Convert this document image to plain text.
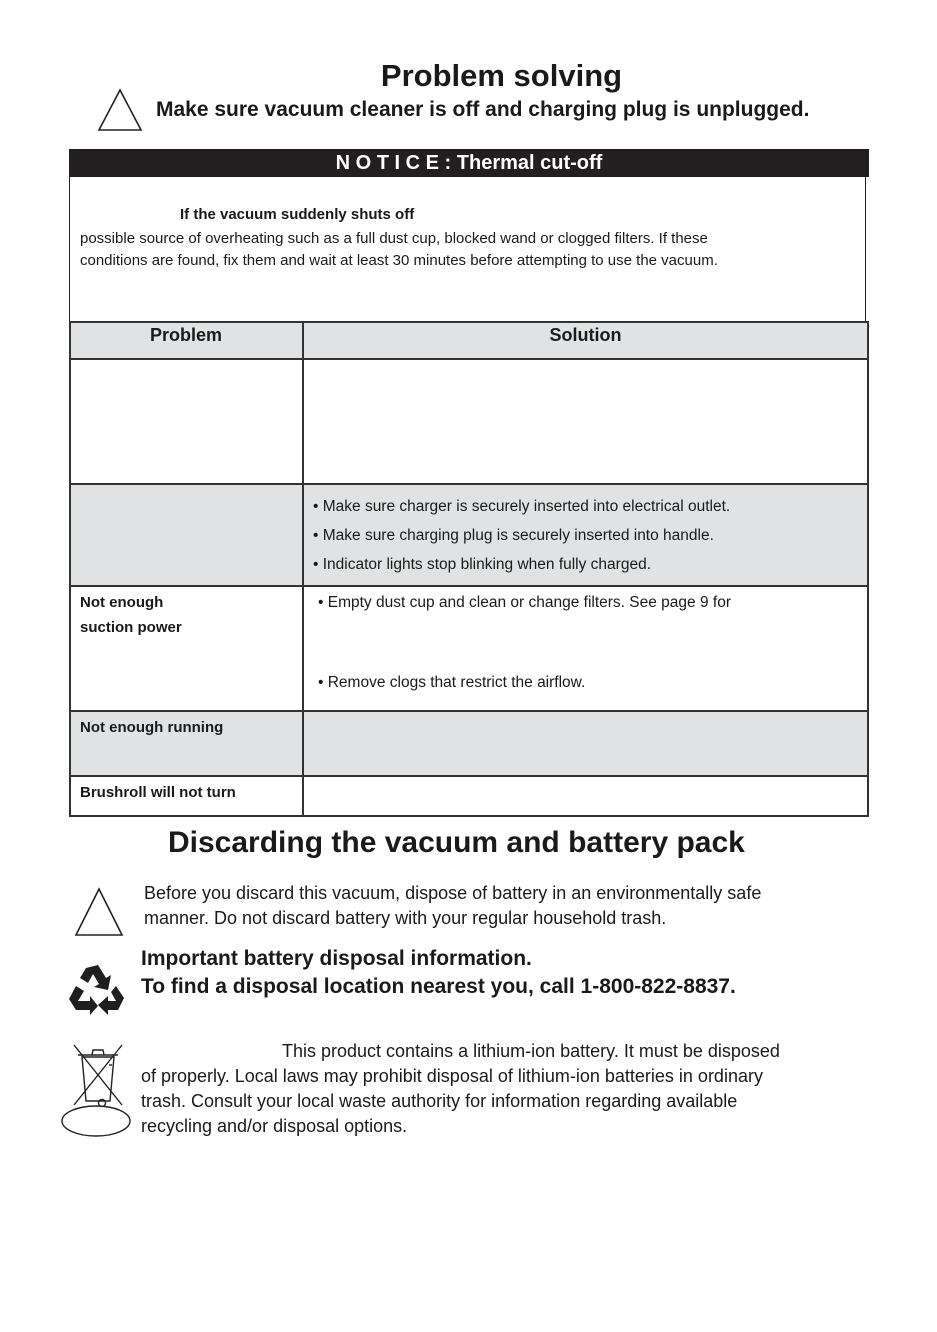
Problem solving
Make sure vacuum cleaner is off and charging plug is unplugged.
N O T I C E : Thermal cut-off
If the vacuum suddenly shuts off
possible source of overheating such as a full dust cup, blocked wand or clogged filters. If these
conditions are found, fix them and wait at least 30 minutes before attempting to use the vacuum.
Problem	Solution
• Make sure charger is securely inserted into electrical outlet.
• Make sure charging plug is securely inserted into handle.
• Indicator lights stop blinking when fully charged.
Not enough
suction power
• Empty dust cup and clean or change filters. See page 9 for
• Remove clogs that restrict the airflow.
Not enough running
Brushroll will not turn
Discarding the vacuum and battery pack
Before you discard this vacuum, dispose of battery in an environmentally safe
manner. Do not discard battery with your regular household trash.
Important battery disposal information.
To find a disposal location nearest you, call 1-800-822-8837.
This product contains a lithium-ion battery. It must be disposed
of properly. Local laws may prohibit disposal of lithium-ion batteries in ordinary
trash. Consult your local waste authority for information regarding available
recycling and/or disposal options.
